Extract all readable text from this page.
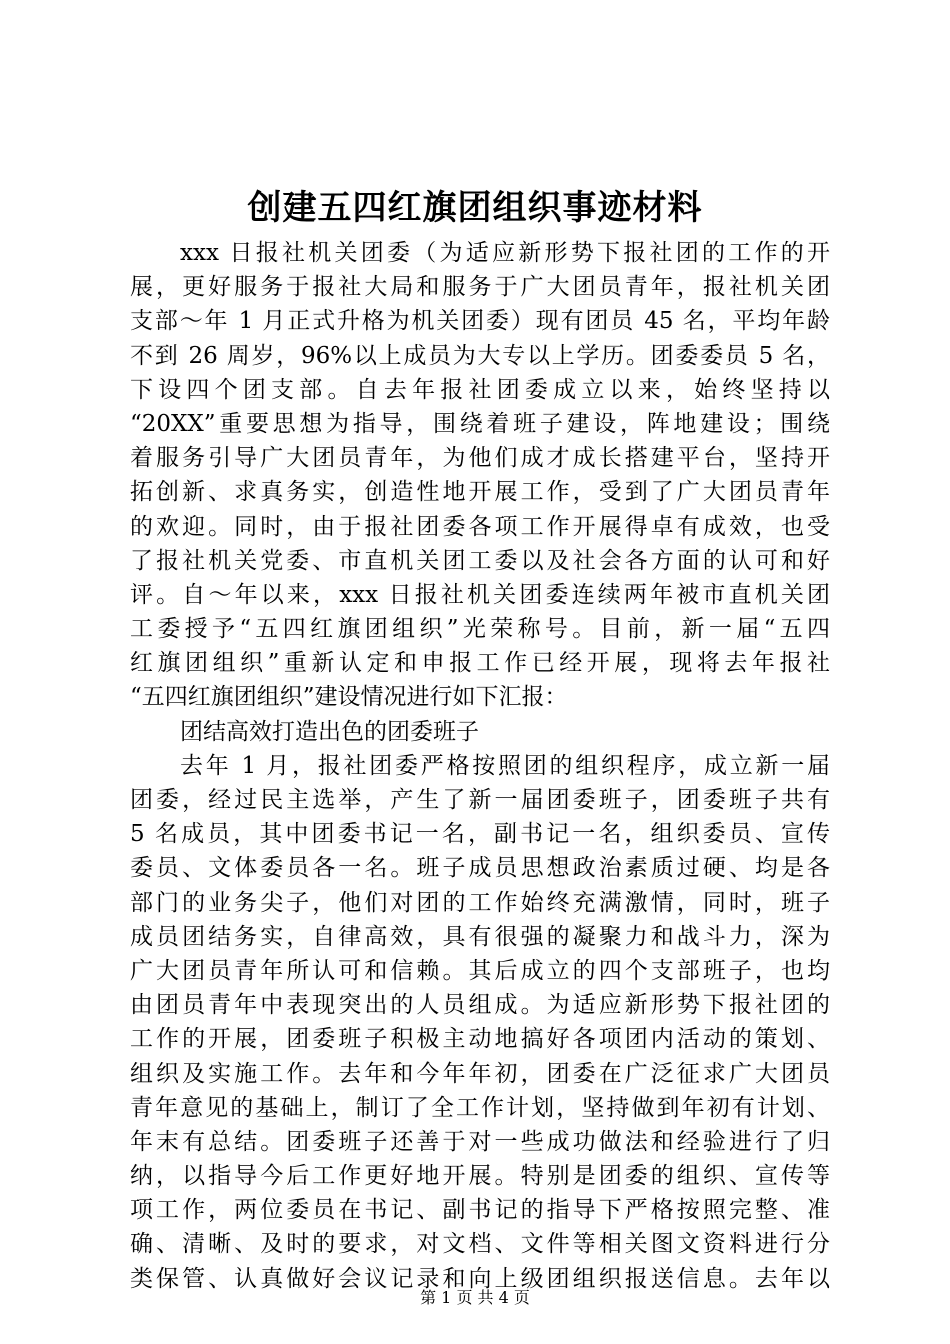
创建五四红旗团组织事迹材料
xxx 日报社机关团委（为适应新形势下报社团的工作的开
展，更好服务于报社大局和服务于广大团员青年，报社机关团
支部～年 1 月正式升格为机关团委）现有团员 45 名，平均年龄
不到 26 周岁，96%以上成员为大专以上学历。团委委员 5 名，
下设四个团支部。自去年报社团委成立以来，始终坚持以
“20XX”重要思想为指导，围绕着班子建设，阵地建设；围绕
着服务引导广大团员青年，为他们成才成长搭建平台，坚持开
拓创新、求真务实，创造性地开展工作，受到了广大团员青年
的欢迎。同时，由于报社团委各项工作开展得卓有成效，也受
了报社机关党委、市直机关团工委以及社会各方面的认可和好
评。自～年以来，xxx 日报社机关团委连续两年被市直机关团
工委授予“五四红旗团组织”光荣称号。目前，新一届“五四
红旗团组织”重新认定和申报工作已经开展，现将去年报社
“五四红旗团组织”建设情况进行如下汇报：
团结高效打造出色的团委班子
去年 1 月，报社团委严格按照团的组织程序，成立新一届
团委，经过民主选举，产生了新一届团委班子，团委班子共有
5 名成员，其中团委书记一名，副书记一名，组织委员、宣传
委员、文体委员各一名。班子成员思想政治素质过硬、均是各
部门的业务尖子，他们对团的工作始终充满激情，同时，班子
成员团结务实，自律高效，具有很强的凝聚力和战斗力，深为
广大团员青年所认可和信赖。其后成立的四个支部班子，也均
由团员青年中表现突出的人员组成。为适应新形势下报社团的
工作的开展，团委班子积极主动地搞好各项团内活动的策划、
组织及实施工作。去年和今年年初，团委在广泛征求广大团员
青年意见的基础上，制订了全工作计划，坚持做到年初有计划、
年末有总结。团委班子还善于对一些成功做法和经验进行了归
纳，以指导今后工作更好地开展。特别是团委的组织、宣传等
项工作，两位委员在书记、副书记的指导下严格按照完整、准
确、清晰、及时的要求，对文档、文件等相关图文资料进行分
类保管、认真做好会议记录和向上级团组织报送信息。去年以
第 1 页 共 4 页
